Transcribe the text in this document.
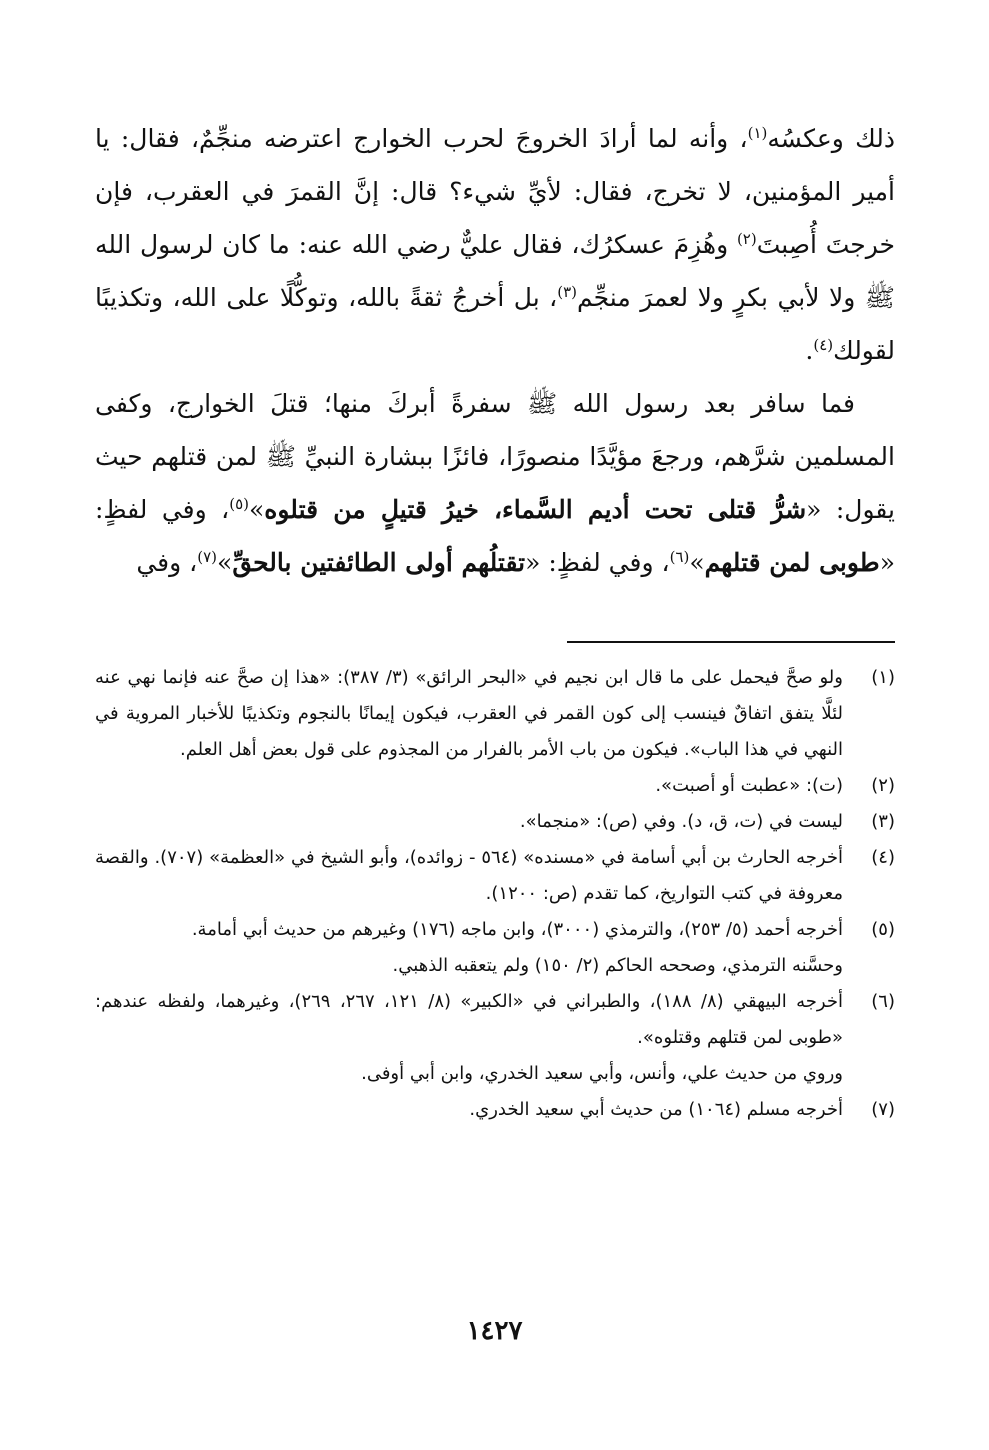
ذلك وعكسُه$^{(١)}$، وأنه لما أرادَ الخروجَ لحرب الخوارج اعترضه منجِّمٌ، فقال: يا أمير المؤمنين، لا تخرج، فقال: لأيِّ شيء؟ قال: إنَّ القمرَ في العقرب، فإن خرجتَ أُصِبتَ$^{(٢)}$ وهُزِمَ عسكرُك، فقال عليٌّ رضي الله عنه: ما كان لرسول الله ﷺ ولا لأبي بكرٍ ولا لعمرَ منجِّم$^{(٣)}$، بل أخرجُ ثقةً بالله، وتوكُّلًا على الله، وتكذيبًا لقولك$^{(٤)}$.

فما سافر بعد رسول الله ﷺ سفرةً أبركَ منها؛ قتلَ الخوارج، وكفى المسلمين شرَّهم، ورجعَ مؤيَّدًا منصورًا، فائزًا ببشارة النبيِّ ﷺ لمن قتلهم حيث يقول: «شرُّ قتلى تحت أديم السَّماء، خيرُ قتيلٍ من قتلوه»$^{(٥)}$، وفي لفظٍ: «طوبى لمن قتلهم»$^{(٦)}$، وفي لفظٍ: «تقتلُهم أولى الطائفتين بالحقِّ»$^{(٧)}$، وفي

(١)
ولو صحَّ فيحمل على ما قال ابن نجيم في «البحر الرائق» (٣/ ٣٨٧): «هذا إن صحَّ عنه فإنما نهي عنه لئلَّا يتفق اتفاقٌ فينسب إلى كون القمر في العقرب، فيكون إيمانًا بالنجوم وتكذيبًا للأخبار المروية في النهي في هذا الباب». فيكون من باب الأمر بالفرار من المجذوم على قول بعض أهل العلم.
(٢)
(ت): «عطبت أو أصبت».
(٣)
ليست في (ت، ق، د). وفي (ص): «منجما».
(٤)
أخرجه الحارث بن أبي أسامة في «مسنده» (٥٦٤ - زوائده)، وأبو الشيخ في «العظمة» (٧٠٧). والقصة معروفة في كتب التواريخ، كما تقدم (ص: ١٢٠٠).
(٥)
أخرجه أحمد (٥/ ٢٥٣)، والترمذي (٣٠٠٠)، وابن ماجه (١٧٦) وغيرهم من حديث أبي أمامة.
وحسَّنه الترمذي، وصححه الحاكم (٢/ ١٥٠) ولم يتعقبه الذهبي.
(٦)
أخرجه البيهقي (٨/ ١٨٨)، والطبراني في «الكبير» (٨/ ١٢١، ٢٦٧، ٢٦٩)، وغيرهما، ولفظه عندهم: «طوبى لمن قتلهم وقتلوه».
وروي من حديث علي، وأنس، وأبي سعيد الخدري، وابن أبي أوفى.
(٧)
أخرجه مسلم (١٠٦٤) من حديث أبي سعيد الخدري.
١٤٢٧
